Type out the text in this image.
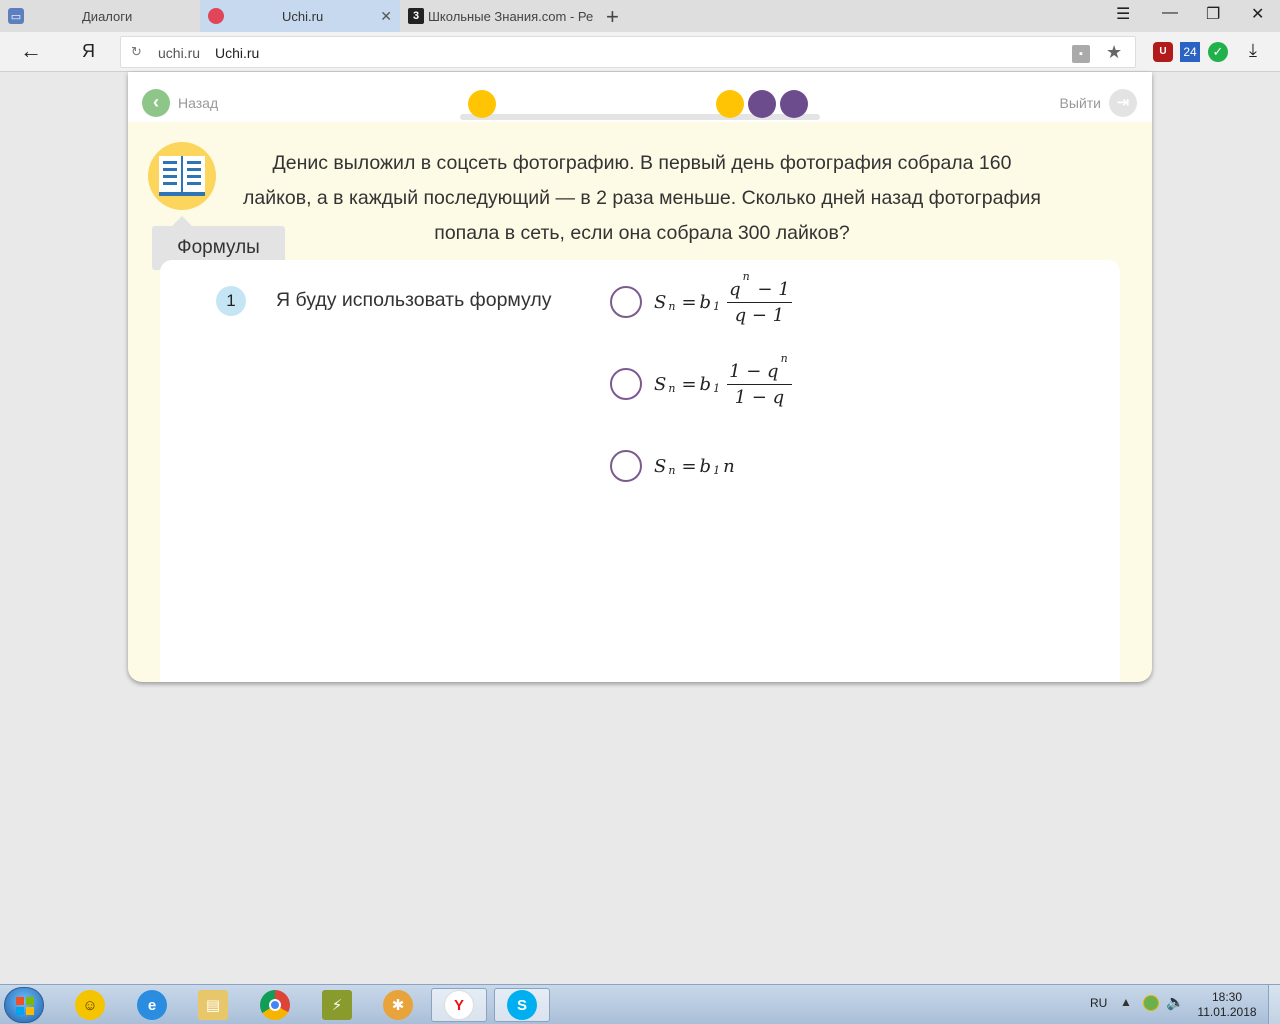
▭	Диалоги	Uchi.ru	✕	3 Школьные Знания.com - Ре +	☰ — ❐ ✕
← Я	↻ uchi.ru Uchi.ru	▪	★	U	24	✓ ⤓
‹	Назад	Выйти	⇥
Формулы

Денис выложил в соцсеть фотографию. В первый день фотография собрала 160 лайков, а в каждый последующий — в 2 раза меньше. Сколько дней назад фотография попала в сеть, если она собрала 300 лайков?

1	Я буду использовать формулу	$S_n = b_1 \frac{q^n - 1}{q - 1}$
$S_n = b_1 \frac{1 - q^n}{1 - q}$
$S_n = b_1$ n
☺	e	▤	⚡	✱	Y	S	RU ▲ 🔈	18:30
11.01.2018
